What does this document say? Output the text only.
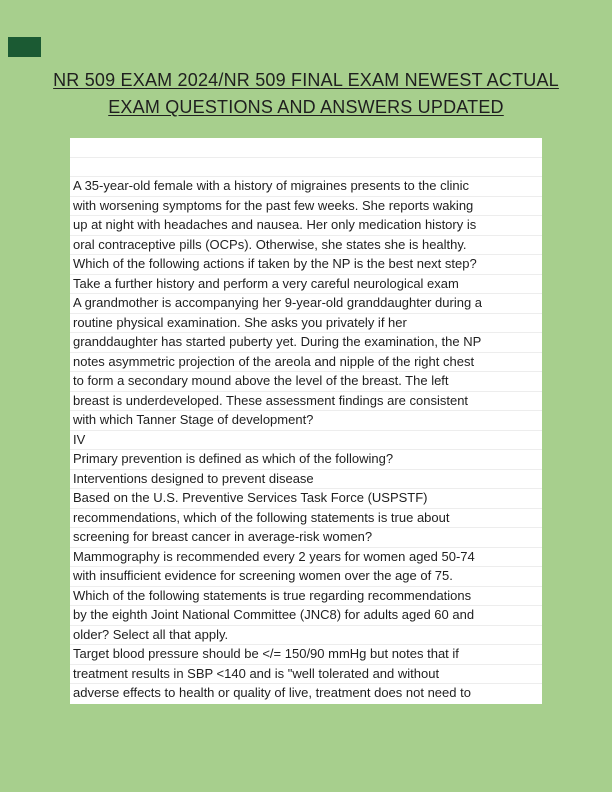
NR 509 EXAM 2024/NR 509 FINAL EXAM NEWEST ACTUAL
EXAM QUESTIONS AND ANSWERS UPDATED
A 35-year-old female with a history of migraines presents to the clinic
with worsening symptoms for the past few weeks. She reports waking
up at night with headaches and nausea. Her only medication history is
oral contraceptive pills (OCPs). Otherwise, she states she is healthy.
Which of the following actions if taken by the NP is the best next step?
Take a further history and perform a very careful neurological exam
A grandmother is accompanying her 9-year-old granddaughter during a
routine physical examination. She asks you privately if her
granddaughter has started puberty yet. During the examination, the NP
notes asymmetric projection of the areola and nipple of the right chest
to form a secondary mound above the level of the breast. The left
breast is underdeveloped. These assessment findings are consistent
with which Tanner Stage of development?
IV
Primary prevention is defined as which of the following?
Interventions designed to prevent disease
Based on the U.S. Preventive Services Task Force (USPSTF)
recommendations, which of the following statements is true about
screening for breast cancer in average-risk women?
Mammography is recommended every 2 years for women aged 50-74
with insufficient evidence for screening women over the age of 75.
Which of the following statements is true regarding recommendations
by the eighth Joint National Committee (JNC8) for adults aged 60 and
older? Select all that apply.
Target blood pressure should be </= 150/90 mmHg but notes that if
treatment results in SBP <140 and is "well tolerated and without
adverse effects to health or quality of live, treatment does not need to
